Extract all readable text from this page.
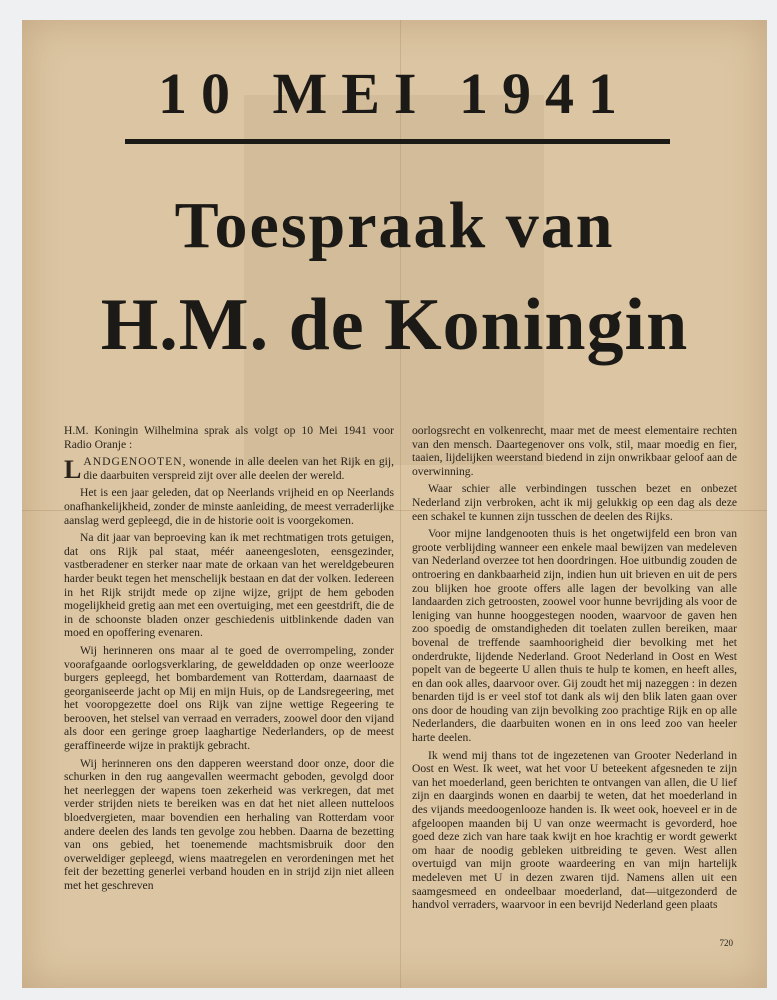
10 MEI 1941
Toespraak van
H.M. de Koningin

H.M. Koningin Wilhelmina sprak als volgt op 10 Mei 1941 voor Radio Oranje :

LANDGENOOTEN, wonende in alle deelen van het Rijk en gij, die daarbuiten verspreid zijt over alle deelen der wereld.

Het is een jaar geleden, dat op Neerlands vrijheid en op Neerlands onafhankelijkheid, zonder de minste aanleiding, de meest verraderlijke aanslag werd gepleegd, die in de historie ooit is voorgekomen.

Na dit jaar van beproeving kan ik met rechtmatigen trots getuigen, dat ons Rijk pal staat, méér aaneengesloten, eensgezinder, vastberadener en sterker naar mate de orkaan van het wereldgebeuren harder beukt tegen het menschelijk bestaan en dat der volken. Iedereen in het Rijk strijdt mede op zijne wijze, grijpt de hem geboden mogelijkheid gretig aan met een overtuiging, met een geestdrift, die de in de schoonste bladen onzer geschiedenis uitblinkende daden van moed en opoffering evenaren.

Wij herinneren ons maar al te goed de overrompeling, zonder voorafgaande oorlogsverklaring, de gewelddaden op onze weerlooze burgers gepleegd, het bombardement van Rotterdam, daarnaast de georganiseerde jacht op Mij en mijn Huis, op de Landsregeering, met het vooropgezette doel ons Rijk van zijne wettige Regeering te berooven, het stelsel van verraad en verraders, zoowel door den vijand als door een geringe groep laaghartige Nederlanders, op de meest geraffineerde wijze in praktijk gebracht.

Wij herinneren ons den dapperen weerstand door onze, door die schurken in den rug aangevallen weermacht geboden, gevolgd door het neerleggen der wapens toen zekerheid was verkregen, dat met verder strijden niets te bereiken was en dat het niet alleen nutteloos bloedvergieten, maar bovendien een herhaling van Rotterdam voor andere deelen des lands ten gevolge zou hebben. Daarna de bezetting van ons gebied, het toenemende machtsmisbruik door den overweldiger gepleegd, wiens maatregelen en verordeningen met het feit der bezetting generlei verband houden en in strijd zijn niet alleen met het geschreven

oorlogsrecht en volkenrecht, maar met de meest elementaire rechten van den mensch. Daartegenover ons volk, stil, maar moedig en fier, taaien, lijdelijken weerstand biedend in zijn onwrikbaar geloof aan de overwinning.

Waar schier alle verbindingen tusschen bezet en onbezet Nederland zijn verbroken, acht ik mij gelukkig op een dag als deze een schakel te kunnen zijn tusschen de deelen des Rijks.

Voor mijne landgenooten thuis is het ongetwijfeld een bron van groote verblijding wanneer een enkele maal bewijzen van medeleven van Nederland overzee tot hen doordringen. Hoe uitbundig zouden de ontroering en dankbaarheid zijn, indien hun uit brieven en uit de pers zou blijken hoe groote offers alle lagen der bevolking van alle landaarden zich getroosten, zoowel voor hunne bevrijding als voor de leniging van hunne hooggestegen nooden, waarvoor de gaven hen zoo spoedig de omstandigheden dit toelaten zullen bereiken, maar bovenal de treffende saamhoorigheid dier bevolking met het onderdrukte, lijdende Nederland. Groot Nederland in Oost en West popelt van de begeerte U allen thuis te hulp te komen, en heeft alles, en dan ook alles, daarvoor over. Gij zoudt het mij nazeggen : in dezen benarden tijd is er veel stof tot dank als wij den blik laten gaan over ons door de houding van zijn bevolking zoo prachtige Rijk en op alle Nederlanders, die daarbuiten wonen en in ons leed zoo van heeler harte deelen.

Ik wend mij thans tot de ingezetenen van Grooter Nederland in Oost en West. Ik weet, wat het voor U beteekent afgesneden te zijn van het moederland, geen berichten te ontvangen van allen, die U lief zijn en daarginds wonen en daarbij te weten, dat het moederland in des vijands meedoogenlooze handen is. Ik weet ook, hoeveel er in de afgeloopen maanden bij U van onze weermacht is gevorderd, hoe goed deze zich van hare taak kwijt en hoe krachtig er wordt gewerkt om haar de noodig gebleken uitbreiding te geven. West allen overtuigd van mijn groote waardeering en van mijn hartelijk medeleven met U in dezen zwaren tijd. Namens allen uit een saamgesmeed en ondeelbaar moederland, dat—uitgezonderd de handvol verraders, waarvoor in een bevrijd Nederland geen plaats

720
